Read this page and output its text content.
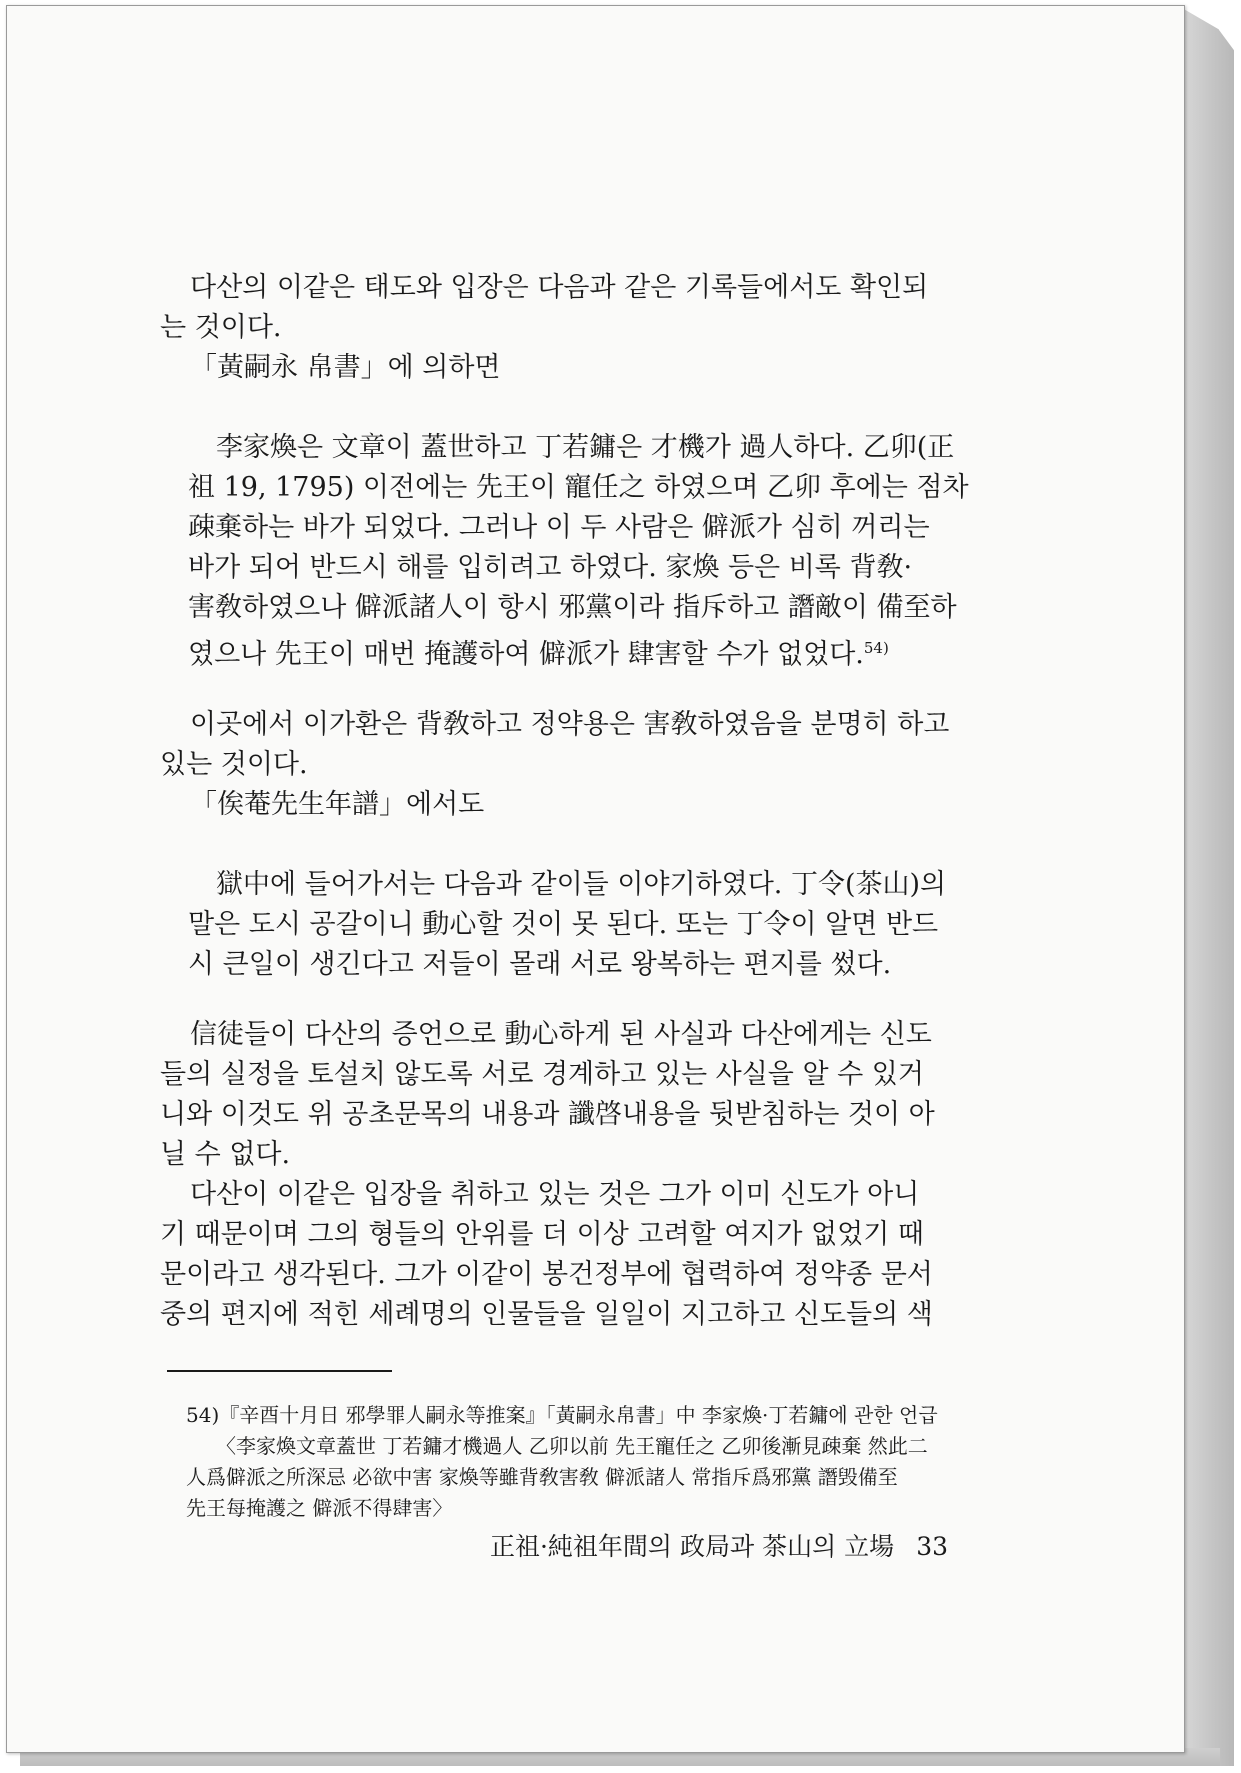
다산의 이같은 태도와 입장은 다음과 같은 기록들에서도 확인되
는 것이다.

「黃嗣永 帛書」에 의하면

李家煥은 文章이 蓋世하고 丁若鏞은 才機가 過人하다. 乙卯(正
祖 19, 1795) 이전에는 先王이 寵任之 하였으며 乙卯 후에는 점차
疎棄하는 바가 되었다. 그러나 이 두 사람은 僻派가 심히 꺼리는
바가 되어 반드시 해를 입히려고 하였다. 家煥 등은 비록 背敎·
害敎하였으나 僻派諸人이 항시 邪黨이라 指斥하고 譖敵이 備至하
였으나 先王이 매번 掩護하여 僻派가 肆害할 수가 없었다.$^{54)}$

이곳에서 이가환은 背敎하고 정약용은 害敎하였음을 분명히 하고
있는 것이다.

「俟菴先生年譜」에서도

獄中에 들어가서는 다음과 같이들 이야기하였다. 丁令(茶山)의
말은 도시 공갈이니 動心할 것이 못 된다. 또는 丁令이 알면 반드
시 큰일이 생긴다고 저들이 몰래 서로 왕복하는 편지를 썼다.

信徒들이 다산의 증언으로 動心하게 된 사실과 다산에게는 신도
들의 실정을 토설치 않도록 서로 경계하고 있는 사실을 알 수 있거
니와 이것도 위 공초문목의 내용과 讖啓내용을 뒷받침하는 것이 아
닐 수 없다.

다산이 이같은 입장을 취하고 있는 것은 그가 이미 신도가 아니
기 때문이며 그의 형들의 안위를 더 이상 고려할 여지가 없었기 때
문이라고 생각된다. 그가 이같이 봉건정부에 협력하여 정약종 문서
중의 편지에 적힌 세례명의 인물들을 일일이 지고하고 신도들의 색

54)『辛酉十月日 邪學罪人嗣永等推案』「黃嗣永帛書」中 李家煥·丁若鏞에 관한 언급

〈李家煥文章蓋世 丁若鏞才機過人 乙卯以前 先王寵任之 乙卯後漸見疎棄 然此二
人爲僻派之所深忌 必欲中害 家煥等雖背敎害敎 僻派諸人 常指斥爲邪黨 譖毁備至
先王每掩護之 僻派不得肆害〉

正祖·純祖年間의 政局과 茶山의 立場 33
